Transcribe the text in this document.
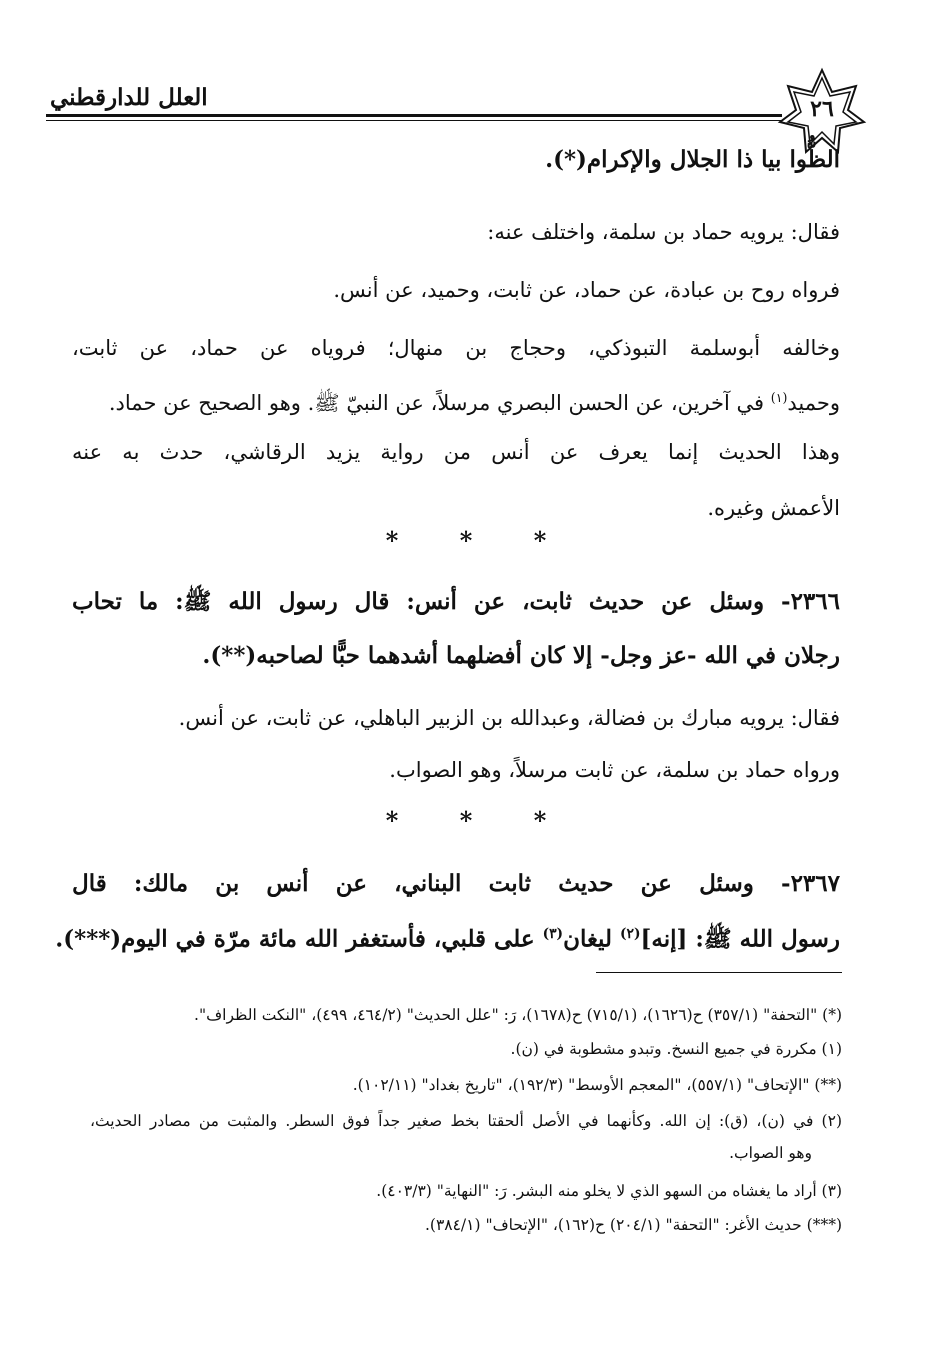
العلل للدارقطني	٢٦
الظُّوا بيا ذا الجلال والإكرام(*).
فقال: يرويه حماد بن سلمة، واختلف عنه:
فرواه روح بن عبادة، عن حماد، عن ثابت، وحميد، عن أنس.
وخالفه أبوسلمة التبوذكي، وحجاج بن منهال؛ فروياه عن حماد، عن ثابت،
وحميد$^{(١)}$ في آخرين، عن الحسن البصري مرسلاً، عن النبيّ ﷺ. وهو الصحيح عن حماد.
وهذا الحديث إنما يعرف عن أنس من رواية يزيد الرقاشي، حدث به عنه
الأعمش وغيره.
*	*	*
٢٣٦٦- وسئل عن حديث ثابت، عن أنس: قال رسول الله ﷺ: ما تحاب
رجلان في الله -عز وجل- إلا كان أفضلهما أشدهما حبًّا لصاحبه(**).
فقال: يرويه مبارك بن فضالة، وعبدالله بن الزبير الباهلي، عن ثابت، عن أنس.
ورواه حماد بن سلمة، عن ثابت مرسلاً، وهو الصواب.
*	*	*
٢٣٦٧- وسئل عن حديث ثابت البناني، عن أنس بن مالك: قال
رسول الله ﷺ: [إنه]$^{(٢)}$ ليغان$^{(٣)}$ على قلبي، فأستغفر الله مائة مرّة في اليوم(***).
(*) "التحفة" (٣٥٧/١) ح(١٦٢٦)، (٧١٥/١) ح(١٦٧٨)، رَ: "علل الحديث" (٤٦٤/٢، ٤٩٩)، "النكت الظراف".
(١) مكررة في جميع النسخ. وتبدو مشطوبة في (ن).
(**) "الإتحاف" (٥٥٧/١)، "المعجم الأوسط" (١٩٢/٣)، "تاريخ بغداد" (١٠٢/١١).
(٢) في (ن)، (ق): إن الله. وكأنهما في الأصل ألحقتا بخط صغير جداً فوق السطر. والمثبت من مصادر الحديث،
وهو الصواب.
(٣) أراد ما يغشاه من السهو الذي لا يخلو منه البشر. رَ: "النهاية" (٤٠٣/٣).
(***) حديث الأغر: "التحفة" (٢٠٤/١) ح(١٦٢)، "الإتحاف" (٣٨٤/١).
